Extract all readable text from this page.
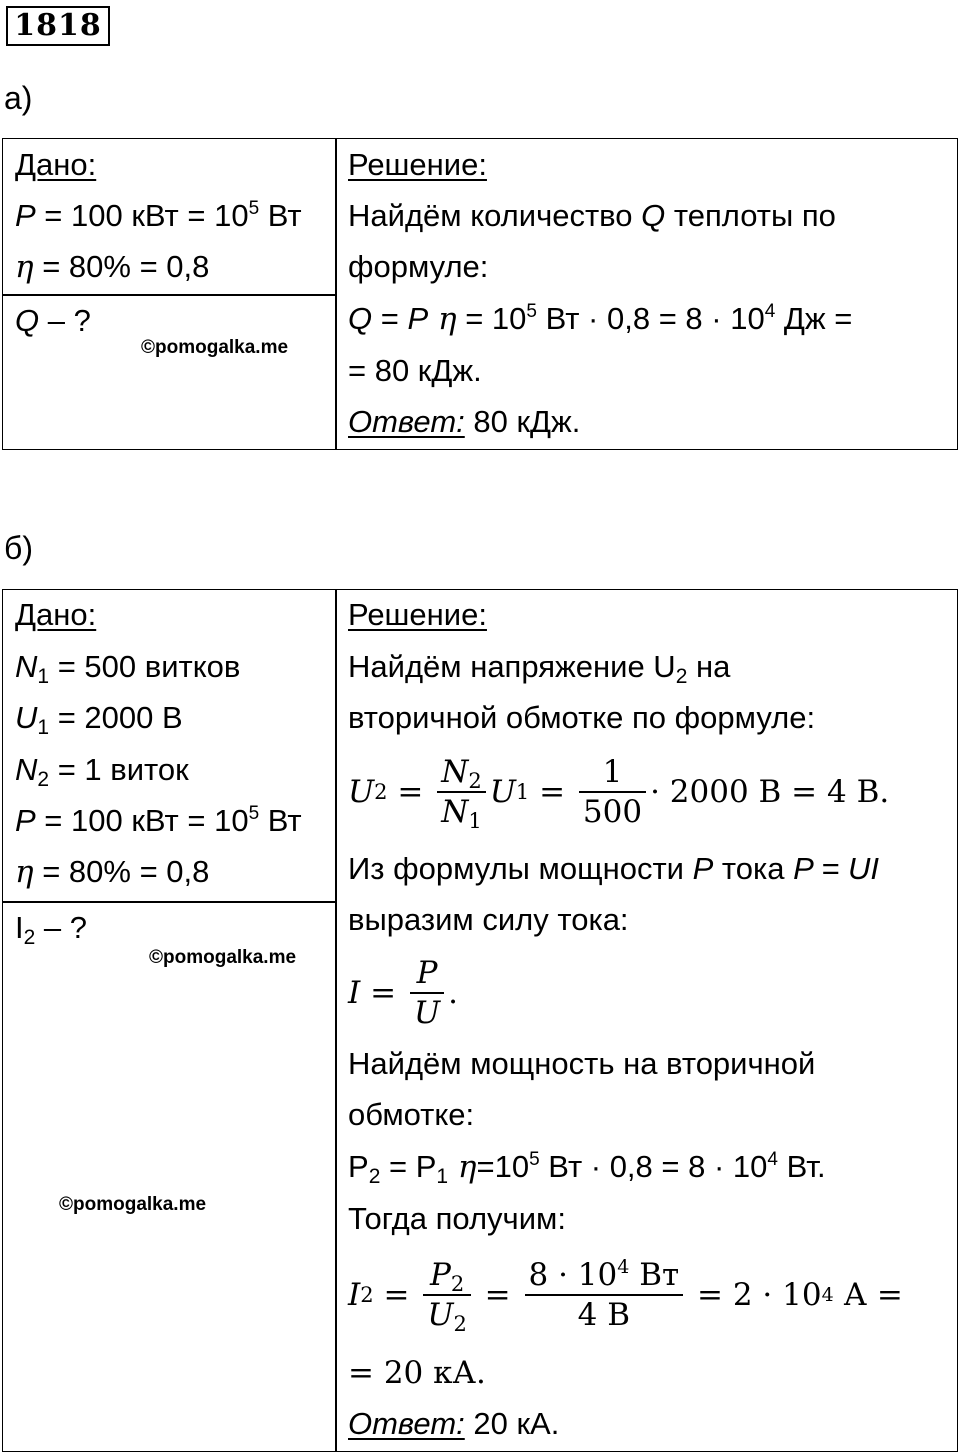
1818
а)
Дано:
P = 100 кВт = $10^5$ Вт
η = 80% = 0,8
Q – ?
©pomogalka.me
Решение:
Найдём количество Q теплоты по
формуле:
Q = P $\eta = 10^5$ Вт · $0,8 = 8 \cdot 10^4$ Дж =
= 80 кДж.
Ответ: 80 кДж.
б)
Дано:
$N_1 = 500$ витков
$U_1 = 2000$ В
$N_2 = 1$ виток
P = 100 кВт = $10^5$ Вт
η = 80% = 0,8
$I_2$ – ?
©pomogalka.me
©pomogalka.me
Решение:
Найдём напряжение $U_2$ на
вторичной обмотке по формуле:
U $2 = \frac{N_2}{N_1}$ U $1 = \frac{1}{500} \cdot 2000$ В = 4 В.
Из формулы мощности P тока P = UI
выразим силу тока:
$I = \frac{P}{U}$ .
Найдём мощность на вторичной
обмотке:
$P_2 = P_1$ $\eta=10^5$ Вт · $0,8 = 8 \cdot 10^4$ Вт.
Тогда получим:
I $2 = \frac{P_2}{U_2} = \frac{8 \cdot 10^4 Вт}{4 В} = 2 \cdot 10$ 4 А =
= 20 кА.
Ответ: 20 кА.
